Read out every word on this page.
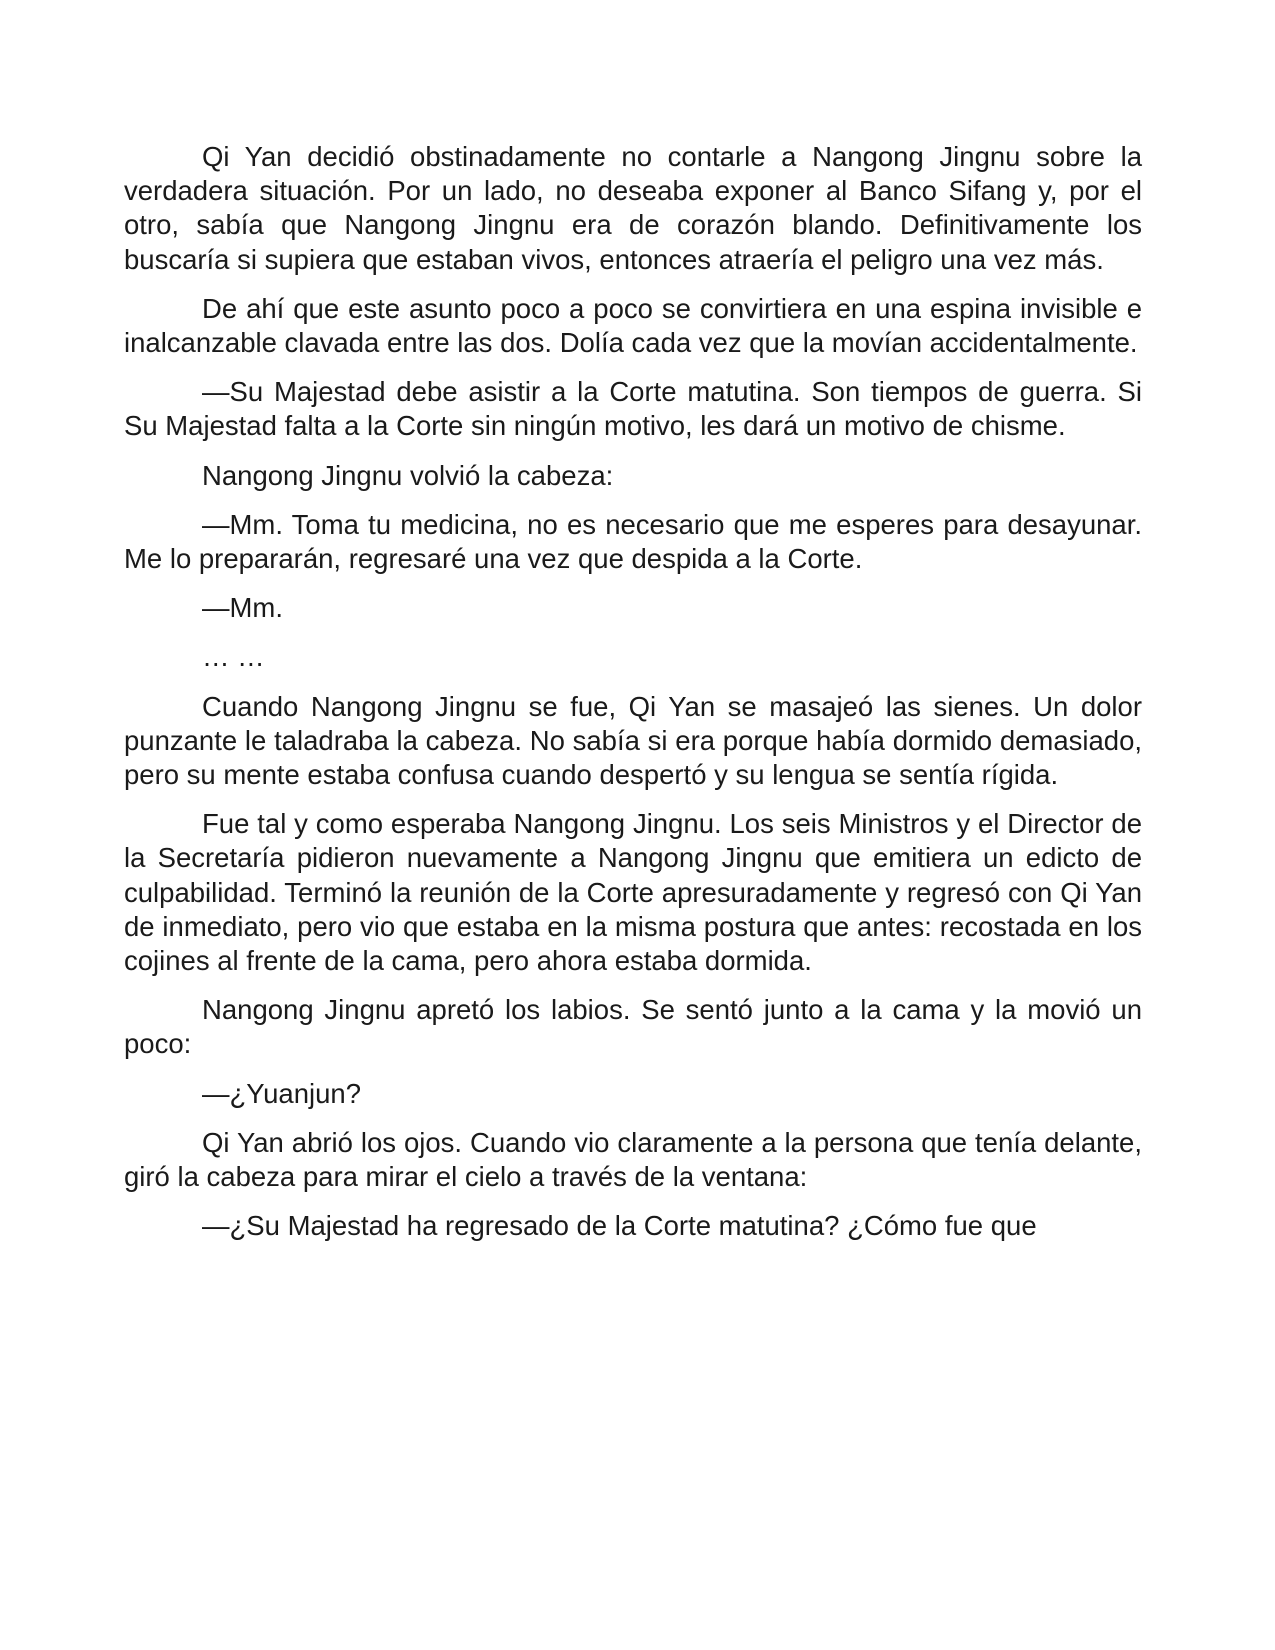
Qi Yan decidió obstinadamente no contarle a Nangong Jingnu sobre la verdadera situación. Por un lado, no deseaba exponer al Banco Sifang y, por el otro, sabía que Nangong Jingnu era de corazón blando. Definitivamente los buscaría si supiera que estaban vivos, entonces atraería el peligro una vez más.

De ahí que este asunto poco a poco se convirtiera en una espina invisible e inalcanzable clavada entre las dos. Dolía cada vez que la movían accidentalmente.

—Su Majestad debe asistir a la Corte matutina. Son tiempos de guerra. Si Su Majestad falta a la Corte sin ningún motivo, les dará un motivo de chisme.

Nangong Jingnu volvió la cabeza:

—Mm. Toma tu medicina, no es necesario que me esperes para desayunar. Me lo prepararán, regresaré una vez que despida a la Corte.

—Mm.

… …

Cuando Nangong Jingnu se fue, Qi Yan se masajeó las sienes. Un dolor punzante le taladraba la cabeza. No sabía si era porque había dormido demasiado, pero su mente estaba confusa cuando despertó y su lengua se sentía rígida.

Fue tal y como esperaba Nangong Jingnu. Los seis Ministros y el Director de la Secretaría pidieron nuevamente a Nangong Jingnu que emitiera un edicto de culpabilidad. Terminó la reunión de la Corte apresuradamente y regresó con Qi Yan de inmediato, pero vio que estaba en la misma postura que antes: recostada en los cojines al frente de la cama, pero ahora estaba dormida.

Nangong Jingnu apretó los labios. Se sentó junto a la cama y la movió un poco:

—¿Yuanjun?

Qi Yan abrió los ojos. Cuando vio claramente a la persona que tenía delante, giró la cabeza para mirar el cielo a través de la ventana:

—¿Su Majestad ha regresado de la Corte matutina? ¿Cómo fue que
